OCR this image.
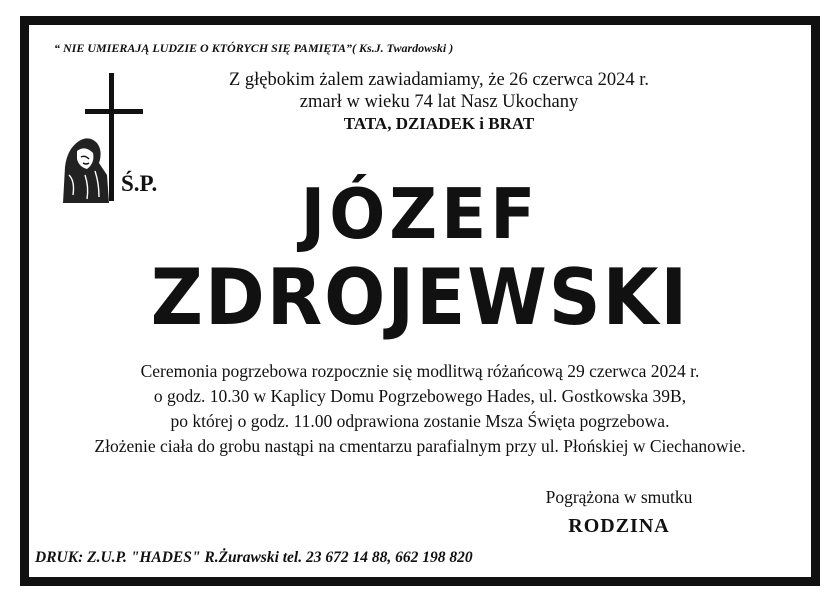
“ NIE UMIERAJĄ LUDZIE O KTÓRYCH SIĘ PAMIĘTA”( Ks.J. Twardowski )
Z głębokim żalem zawiadamiamy, że 26 czerwca 2024 r.
zmarł w wieku 74 lat Nasz Ukochany
TATA, DZIADEK i BRAT
Ś.P.	JÓZEF
ZDROJEWSKI
Ceremonia pogrzebowa rozpocznie się modlitwą różańcową 29 czerwca 2024 r.
o godz. 10.30 w Kaplicy Domu Pogrzebowego Hades, ul. Gostkowska 39B,
po której o godz. 11.00 odprawiona zostanie Msza Święta pogrzebowa.
Złożenie ciała do grobu nastąpi na cmentarzu parafialnym przy ul. Płońskiej w Ciechanowie.
Pogrążona w smutku
RODZINA
DRUK: Z.U.P. "HADES" R.Żurawski tel. 23 672 14 88, 662 198 820
